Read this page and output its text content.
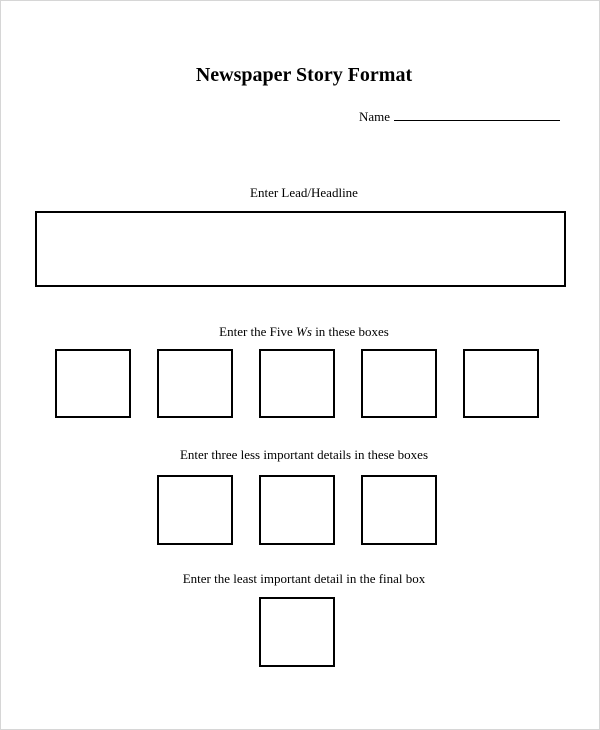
Newspaper Story Format
Name
Enter Lead/Headline
Enter the Five Ws in these boxes
Enter three less important details in these boxes
Enter the least important detail in the final box
